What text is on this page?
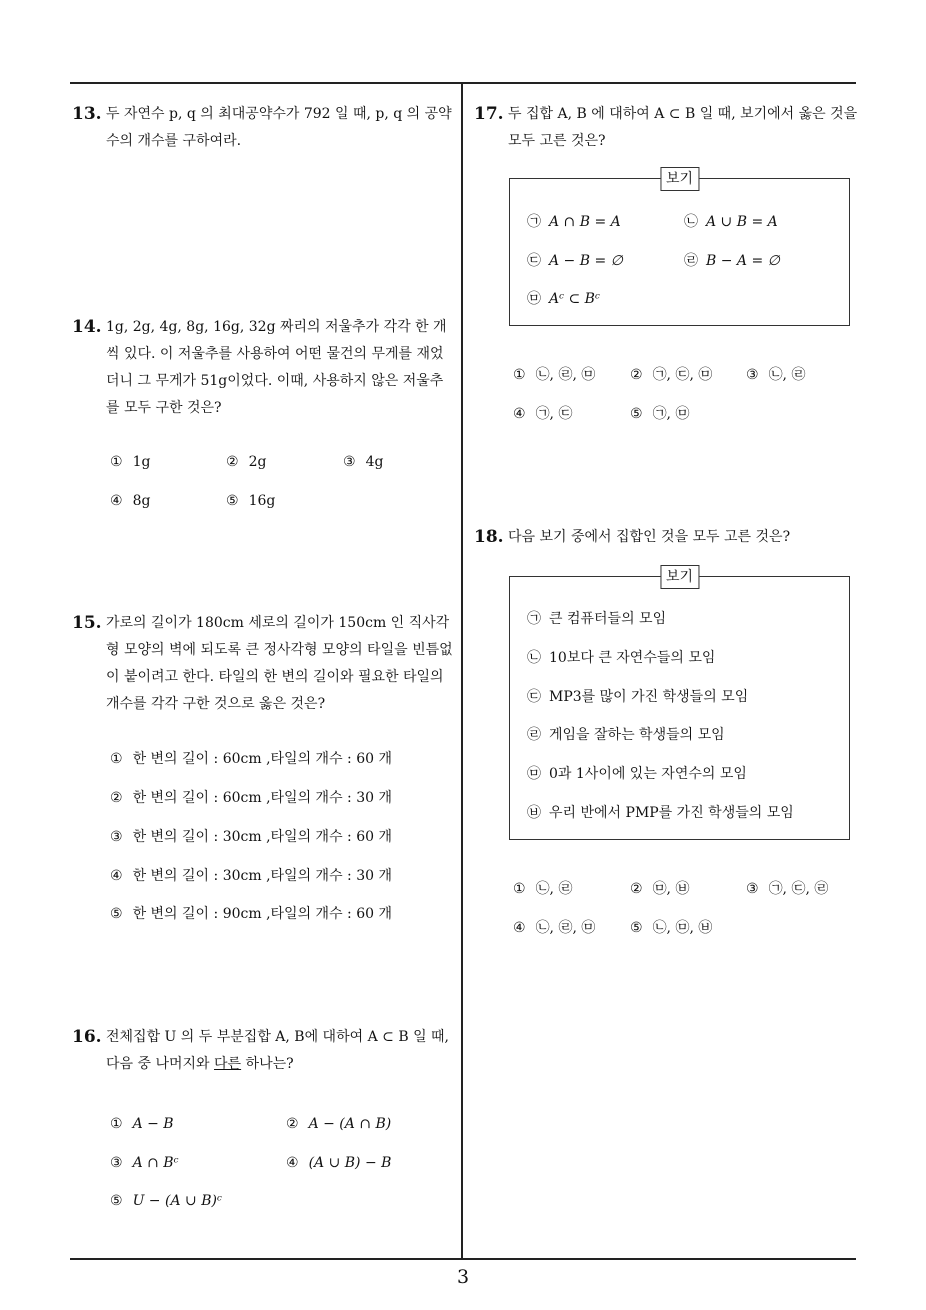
13. 두 자연수 p, q 의 최대공약수가 792 일 때, p, q 의 공약수의 개수를 구하여라.
14. 1g, 2g, 4g, 8g, 16g, 32g 짜리의 저울추가 각각 한 개씩 있다. 이 저울추를 사용하여 어떤 물건의 무게를 재었더니 그 무게가 51g이었다. 이때, 사용하지 않은 저울추를 모두 구한 것은?
① 1g	② 2g	③ 4g
④ 8g	⑤ 16g
15. 가로의 길이가 180cm 세로의 길이가 150cm 인 직사각형 모양의 벽에 되도록 큰 정사각형 모양의 타일을 빈틈없이 붙이려고 한다. 타일의 한 변의 길이와 필요한 타일의 개수를 각각 구한 것으로 옳은 것은?
① 한 변의 길이 : 60cm ,타일의 개수 : 60 개
② 한 변의 길이 : 60cm ,타일의 개수 : 30 개
③ 한 변의 길이 : 30cm ,타일의 개수 : 60 개
④ 한 변의 길이 : 30cm ,타일의 개수 : 30 개
⑤ 한 변의 길이 : 90cm ,타일의 개수 : 60 개
16. 전체집합 U 의 두 부분집합 A, B에 대하여 A ⊂ B 일 때, 다음 중 나머지와 다른 하나는?
① A − B	② A − (A ∩ B)
③ A ∩ Bᶜ	④ (A ∪ B) − B
⑤ U − (A ∪ B)ᶜ
17. 두 집합 A, B 에 대하여 A ⊂ B 일 때, 보기에서 옳은 것을 모두 고른 것은?
보기
㉠ A ∩ B = A	㉡ A ∪ B = A
㉢ A − B = ∅	㉣ B − A = ∅
㉤ Aᶜ ⊂ Bᶜ
① ㉡, ㉣, ㉤ ② ㉠, ㉢, ㉤ ③ ㉡, ㉣
④ ㉠, ㉢	⑤ ㉠, ㉤
18. 다음 보기 중에서 집합인 것을 모두 고른 것은?
보기
㉠ 큰 컴퓨터들의 모임
㉡ 10보다 큰 자연수들의 모임
㉢ MP3를 많이 가진 학생들의 모임
㉣ 게임을 잘하는 학생들의 모임
㉤ 0과 1사이에 있는 자연수의 모임
㉥ 우리 반에서 PMP를 가진 학생들의 모임
① ㉡, ㉣	② ㉤, ㉥	③ ㉠, ㉢, ㉣
④ ㉡, ㉣, ㉤ ⑤ ㉡, ㉤, ㉥
3
